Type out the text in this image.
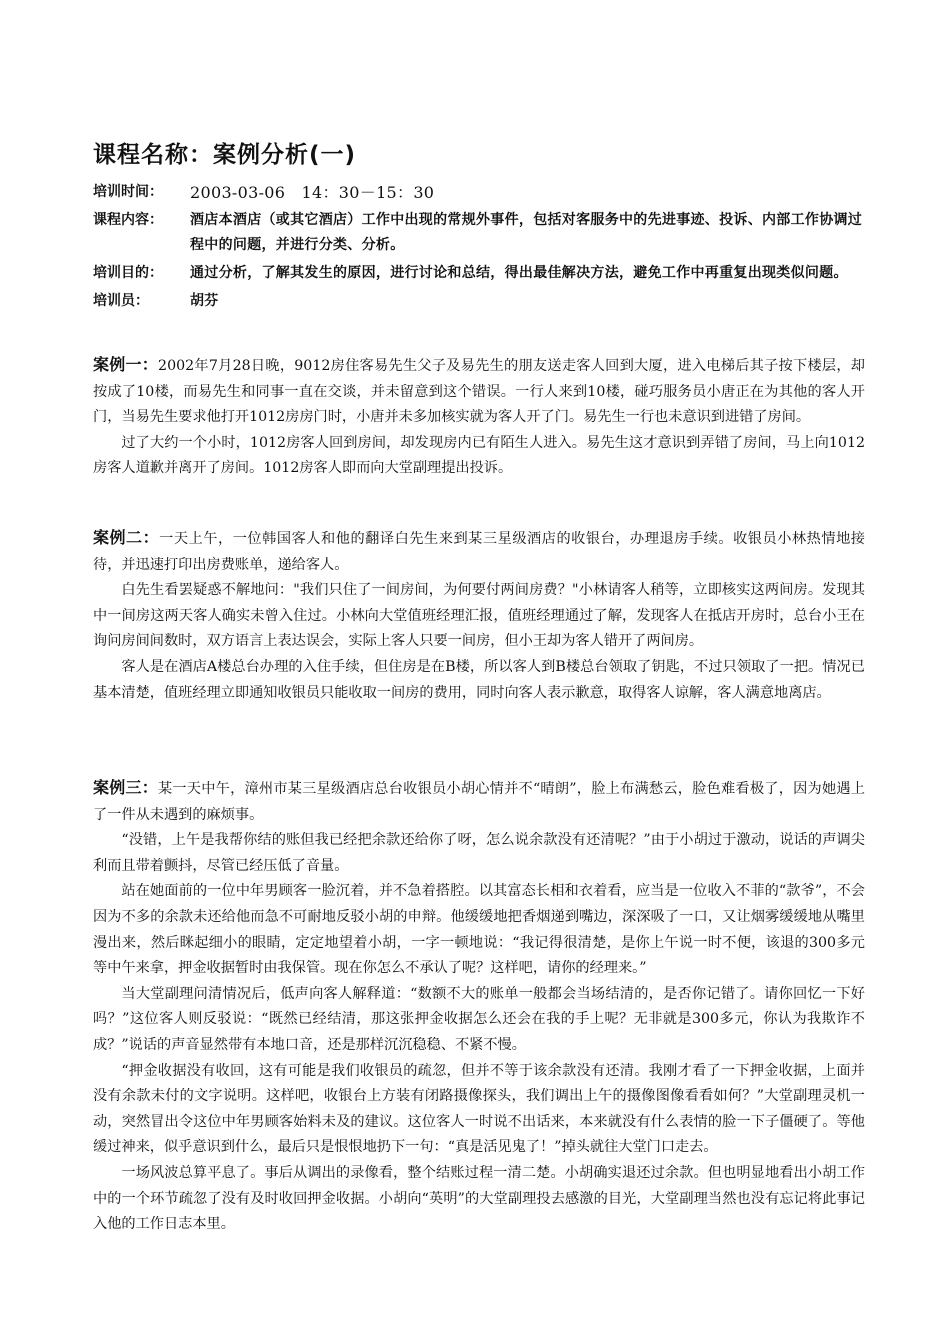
课程名称：案例分析(一)
培训时间：	2003-03-06　14：30－15：30
课程内容：	酒店本酒店（或其它酒店）工作中出现的常规外事件，包括对客服务中的先进事迹、投诉、内部工作协调过程中的问题，并进行分类、分析。
培训目的：	通过分析，了解其发生的原因，进行讨论和总结，得出最佳解决方法，避免工作中再重复出现类似问题。
培训员：	胡芬

案例一：2002年7月28日晚，9012房住客易先生父子及易先生的朋友送走客人回到大厦，进入电梯后其子按下楼层，却按成了10楼，而易先生和同事一直在交谈，并未留意到这个错误。一行人来到10楼，碰巧服务员小唐正在为其他的客人开门，当易先生要求他打开1012房房门时，小唐并未多加核实就为客人开了门。易先生一行也未意识到进错了房间。

过了大约一个小时，1012房客人回到房间，却发现房内已有陌生人进入。易先生这才意识到弄错了房间，马上向1012房客人道歉并离开了房间。1012房客人即而向大堂副理提出投诉。

案例二：一天上午，一位韩国客人和他的翻译白先生来到某三星级酒店的收银台，办理退房手续。收银员小林热情地接待，并迅速打印出房费账单，递给客人。

白先生看罢疑惑不解地问："我们只住了一间房间，为何要付两间房费？"小林请客人稍等，立即核实这两间房。发现其中一间房这两天客人确实未曾入住过。小林向大堂值班经理汇报，值班经理通过了解，发现客人在抵店开房时，总台小王在询问房间间数时，双方语言上表达误会，实际上客人只要一间房，但小王却为客人错开了两间房。

客人是在酒店A楼总台办理的入住手续，但住房是在B楼，所以客人到B楼总台领取了钥匙，不过只领取了一把。情况已基本清楚，值班经理立即通知收银员只能收取一间房的费用，同时向客人表示歉意，取得客人谅解，客人满意地离店。

案例三：某一天中午，漳州市某三星级酒店总台收银员小胡心情并不“晴朗”，脸上布满愁云，脸色难看极了，因为她遇上了一件从未遇到的麻烦事。

“没错，上午是我帮你结的账但我已经把余款还给你了呀，怎么说余款没有还清呢？”由于小胡过于激动，说话的声调尖利而且带着颤抖，尽管已经压低了音量。

站在她面前的一位中年男顾客一脸沉着，并不急着搭腔。以其富态长相和衣着看，应当是一位收入不菲的“款爷”，不会因为不多的余款未还给他而急不可耐地反驳小胡的申辩。他缓缓地把香烟递到嘴边，深深吸了一口，又让烟雾缓缓地从嘴里漫出来，然后眯起细小的眼睛，定定地望着小胡，一字一顿地说：“我记得很清楚，是你上午说一时不便，该退的300多元等中午来拿，押金收据暂时由我保管。现在你怎么不承认了呢？这样吧，请你的经理来。”

当大堂副理问清情况后，低声向客人解释道：“数额不大的账单一般都会当场结清的，是否你记错了。请你回忆一下好吗？”这位客人则反驳说：“既然已经结清，那这张押金收据怎么还会在我的手上呢？无非就是300多元，你认为我欺诈不成？”说话的声音显然带有本地口音，还是那样沉沉稳稳、不紧不慢。

“押金收据没有收回，这有可能是我们收银员的疏忽，但并不等于该余款没有还清。我刚才看了一下押金收据，上面并没有余款未付的文字说明。这样吧，收银台上方装有闭路摄像探头，我们调出上午的摄像图像看看如何？”大堂副理灵机一动，突然冒出令这位中年男顾客始料未及的建议。这位客人一时说不出话来，本来就没有什么表情的脸一下子僵硬了。等他缓过神来，似乎意识到什么，最后只是恨恨地扔下一句：“真是活见鬼了！”掉头就往大堂门口走去。

一场风波总算平息了。事后从调出的录像看，整个结账过程一清二楚。小胡确实退还过余款。但也明显地看出小胡工作中的一个环节疏忽了没有及时收回押金收据。小胡向“英明”的大堂副理投去感激的目光，大堂副理当然也没有忘记将此事记入他的工作日志本里。
